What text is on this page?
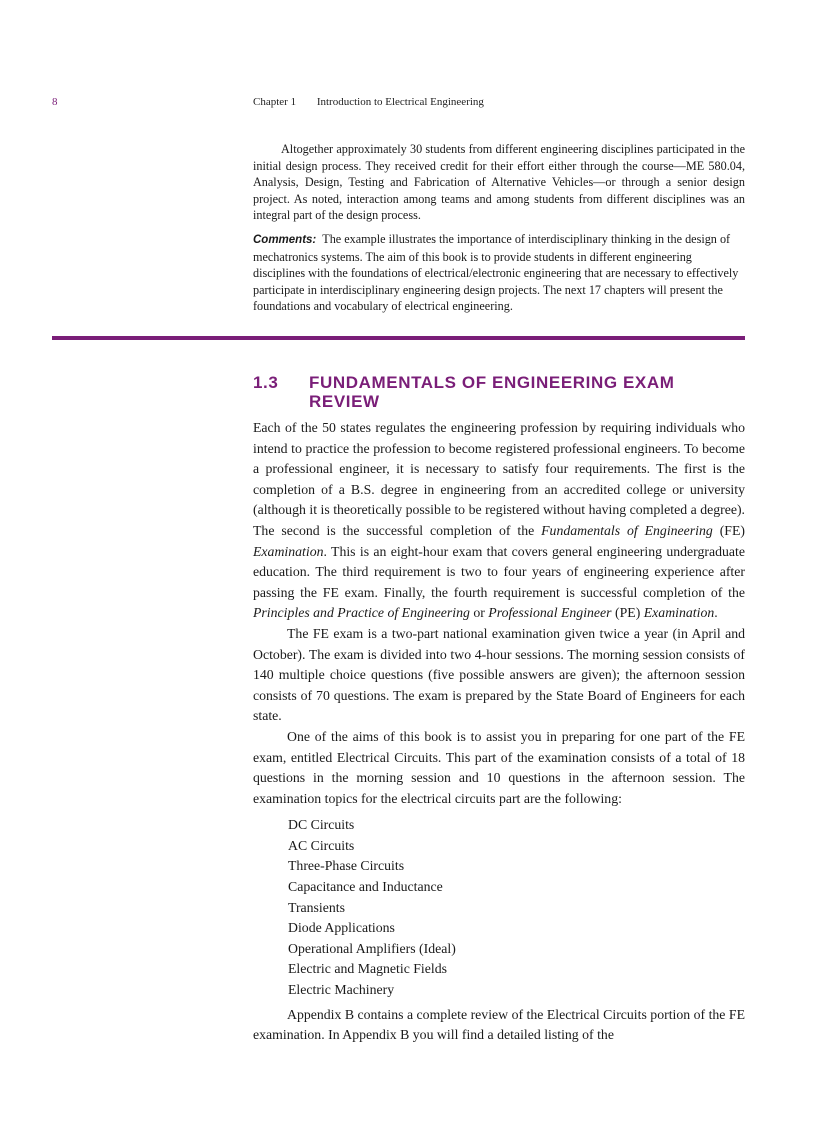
8	Chapter 1 Introduction to Electrical Engineering

Altogether approximately 30 students from different engineering disciplines participated in the initial design process. They received credit for their effort either through the course—ME 580.04, Analysis, Design, Testing and Fabrication of Alternative Vehicles—or through a senior design project. As noted, interaction among teams and among students from different disciplines was an integral part of the design process.

Comments: The example illustrates the importance of interdisciplinary thinking in the design of mechatronics systems. The aim of this book is to provide students in different engineering disciplines with the foundations of electrical/electronic engineering that are necessary to effectively participate in interdisciplinary engineering design projects. The next 17 chapters will present the foundations and vocabulary of electrical engineering.
1.3 FUNDAMENTALS OF ENGINEERING EXAM REVIEW

Each of the 50 states regulates the engineering profession by requiring individuals who intend to practice the profession to become registered professional engineers. To become a professional engineer, it is necessary to satisfy four requirements. The first is the completion of a B.S. degree in engineering from an accredited college or university (although it is theoretically possible to be registered without having completed a degree). The second is the successful completion of the Fundamentals of Engineering (FE) Examination. This is an eight-hour exam that covers general engineering undergraduate education. The third requirement is two to four years of engineering experience after passing the FE exam. Finally, the fourth requirement is successful completion of the Principles and Practice of Engineering or Professional Engineer (PE) Examination.

The FE exam is a two-part national examination given twice a year (in April and October). The exam is divided into two 4-hour sessions. The morning session consists of 140 multiple choice questions (five possible answers are given); the afternoon session consists of 70 questions. The exam is prepared by the State Board of Engineers for each state.

One of the aims of this book is to assist you in preparing for one part of the FE exam, entitled Electrical Circuits. This part of the examination consists of a total of 18 questions in the morning session and 10 questions in the afternoon session. The examination topics for the electrical circuits part are the following:

DC Circuits
AC Circuits
Three-Phase Circuits
Capacitance and Inductance
Transients
Diode Applications
Operational Amplifiers (Ideal)
Electric and Magnetic Fields
Electric Machinery

Appendix B contains a complete review of the Electrical Circuits portion of the FE examination. In Appendix B you will find a detailed listing of the
